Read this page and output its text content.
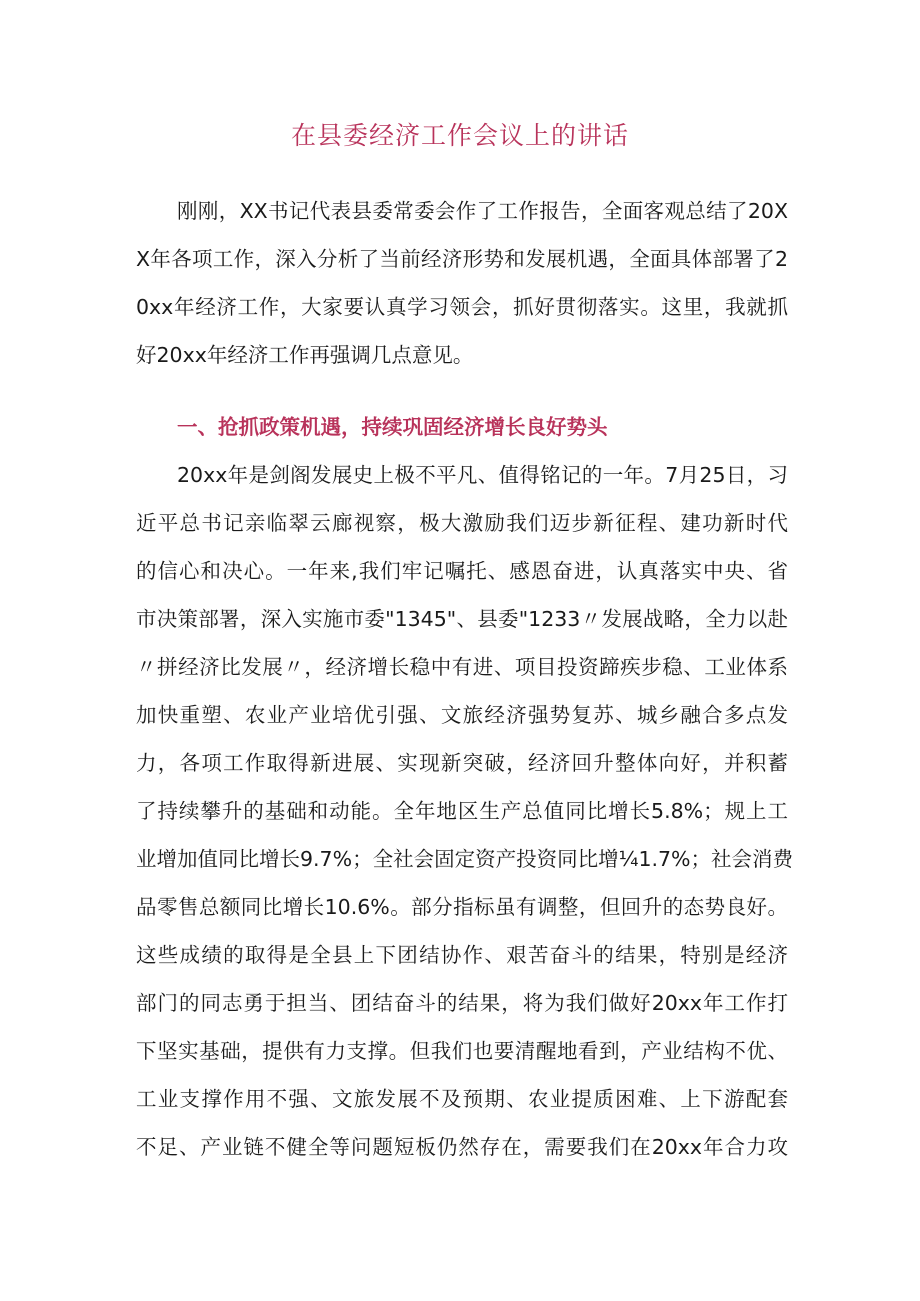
在县委经济工作会议上的讲话

刚刚，XX书记代表县委常委会作了工作报告，全面客观总结了20XX年各项工作，深入分析了当前经济形势和发展机遇，全面具体部署了20xx年经济工作，大家要认真学习领会，抓好贯彻落实。这里，我就抓好20xx年经济工作再强调几点意见。

一、抢抓政策机遇，持续巩固经济增长良好势头

20xx年是剑阁发展史上极不平凡、值得铭记的一年。7月25日，习
近平总书记亲临翠云廊视察，极大激励我们迈步新征程、建功新时代
的信心和决心。一年来,我们牢记嘱托、感恩奋进，认真落实中央、省
市决策部署，深入实施市委"1345"、县委"1233〃发展战略，全力以赴
〃拼经济比发展〃，经济增长稳中有进、项目投资蹄疾步稳、工业体系
加快重塑、农业产业培优引强、文旅经济强势复苏、城乡融合多点发
力，各项工作取得新进展、实现新突破，经济回升整体向好，并积蓄
了持续攀升的基础和动能。全年地区生产总值同比增长5.8%；规上工
业增加值同比增长9.7%；全社会固定资产投资同比增¼1.7%；社会消费
品零售总额同比增长10.6%。部分指标虽有调整，但回升的态势良好。
这些成绩的取得是全县上下团结协作、艰苦奋斗的结果，特别是经济
部门的同志勇于担当、团结奋斗的结果，将为我们做好20xx年工作打
下坚实基础，提供有力支撑。但我们也要清醒地看到，产业结构不优、
工业支撑作用不强、文旅发展不及预期、农业提质困难、上下游配套
不足、产业链不健全等问题短板仍然存在，需要我们在20xx年合力攻
